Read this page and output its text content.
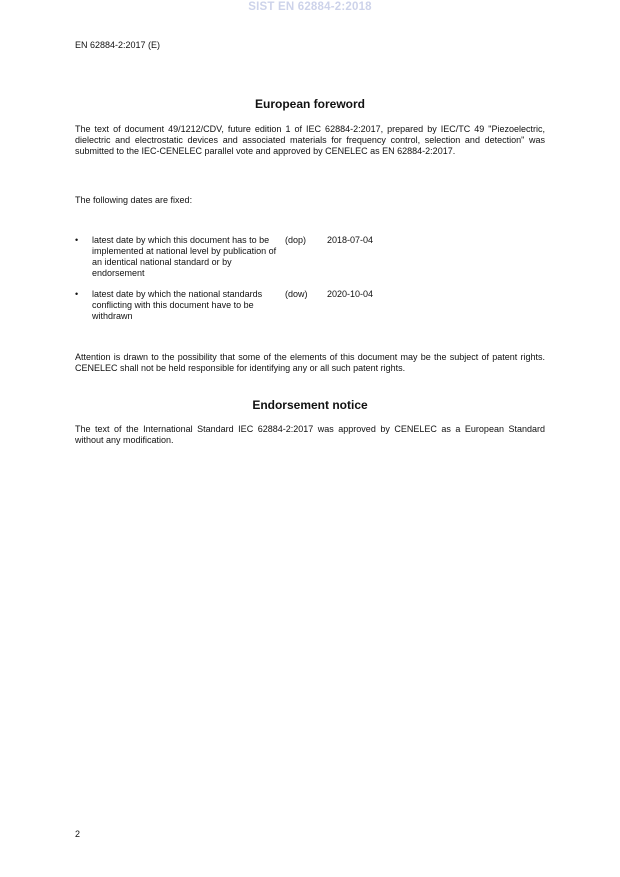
SIST EN 62884-2:2018
EN 62884-2:2017 (E)
European foreword
The text of document 49/1212/CDV, future edition 1 of IEC 62884-2:2017, prepared by IEC/TC 49 "Piezoelectric, dielectric and electrostatic devices and associated materials for frequency control, selection and detection" was submitted to the IEC-CENELEC parallel vote and approved by CENELEC as EN 62884-2:2017.
The following dates are fixed:
• latest date by which this document has to be implemented at national level by publication of an identical national standard or by endorsement
(dop) 2018-07-04
• latest date by which the national standards conflicting with this document have to be withdrawn
(dow) 2020-10-04
Attention is drawn to the possibility that some of the elements of this document may be the subject of patent rights. CENELEC shall not be held responsible for identifying any or all such patent rights.
Endorsement notice
The text of the International Standard IEC 62884-2:2017 was approved by CENELEC as a European Standard without any modification.
2
